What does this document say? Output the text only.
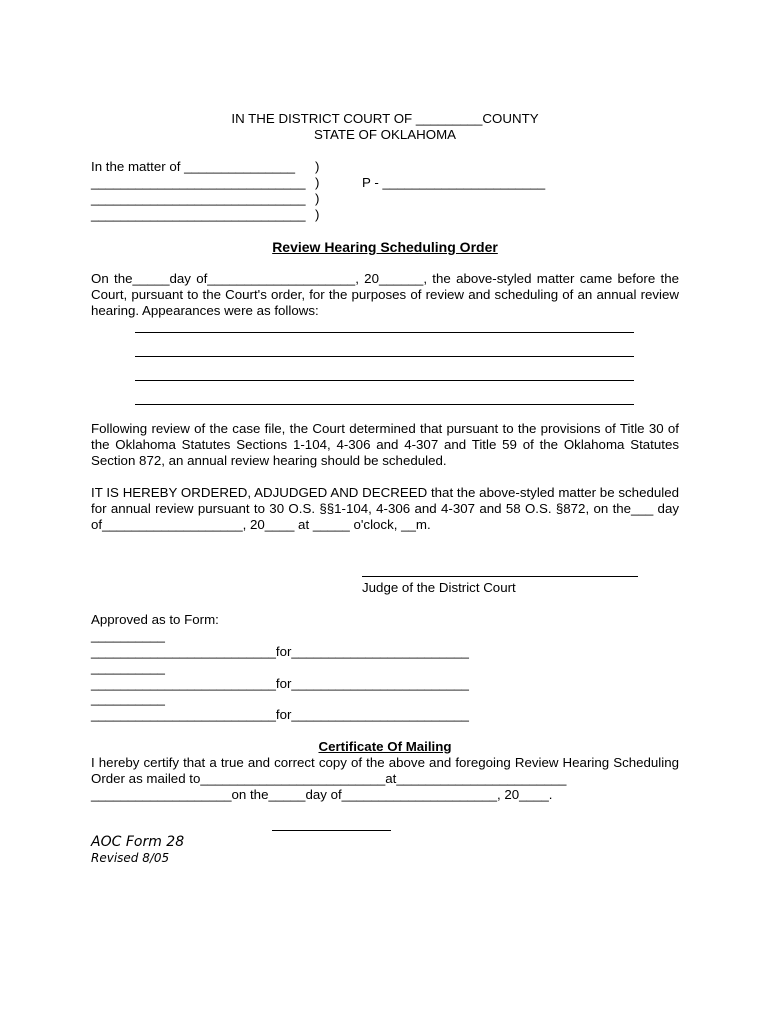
IN THE DISTRICT COURT OF _________COUNTY
STATE OF OKLAHOMA
In the matter of _______________
_____________________________
_____________________________
_____________________________
)
)
)
)
P - ______________________
Review Hearing Scheduling Order
On the_____day of____________________, 20______, the above-styled matter came before the Court, pursuant to the Court's order, for the purposes of review and scheduling of an annual review hearing. Appearances were as follows:
Following review of the case file, the Court determined that pursuant to the provisions of Title 30 of the Oklahoma Statutes Sections 1-104, 4-306 and 4-307 and Title 59 of the Oklahoma Statutes Section 872, an annual review hearing should be scheduled.
IT IS HEREBY ORDERED, ADJUDGED AND DECREED that the above-styled matter be scheduled for annual review pursuant to 30 O.S. §§1-104, 4-306 and 4-307 and 58 O.S. §872, on the___ day of___________________, 20____ at _____ o'clock, __m.
Judge of the District Court
Approved as to Form:
__________
_________________________for________________________
__________
_________________________for________________________
__________
_________________________for________________________
Certificate Of Mailing
I hereby certify that a true and correct copy of the above and foregoing Review Hearing Scheduling Order as mailed to_________________________at_______________________
___________________on the_____day of_____________________, 20____.
AOC Form 28
Revised 8/05
